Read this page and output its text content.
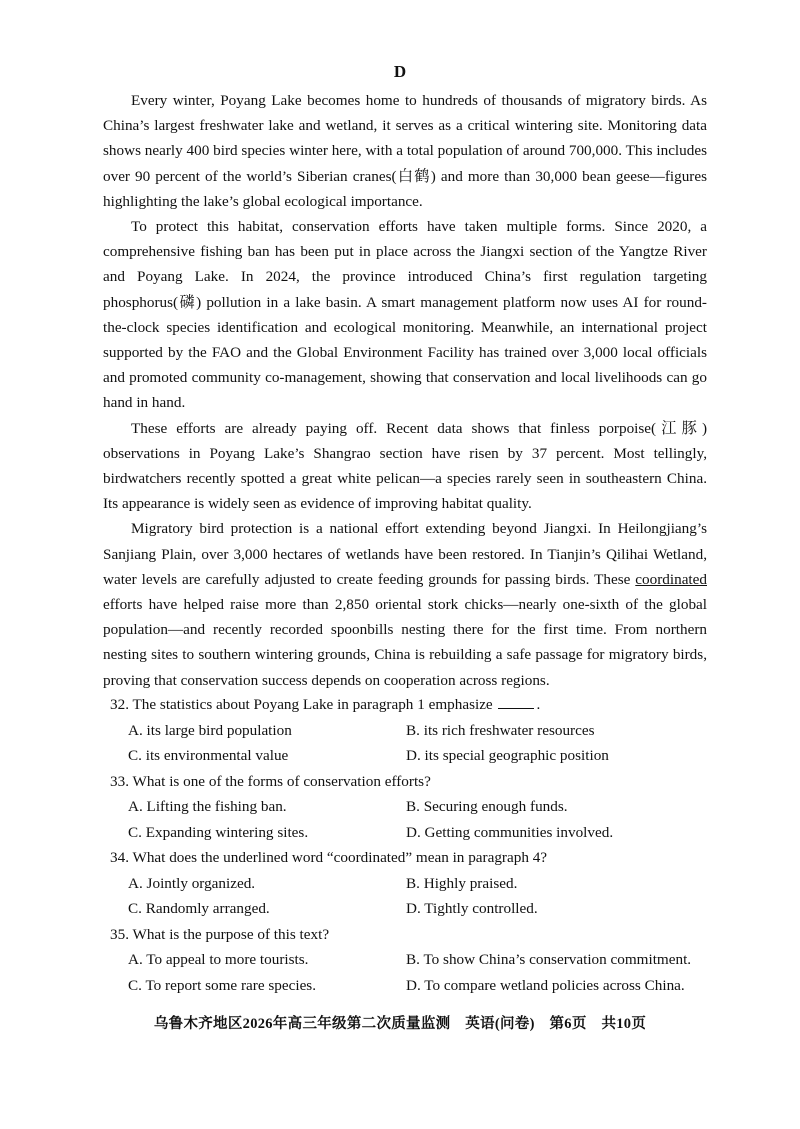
D

Every winter, Poyang Lake becomes home to hundreds of thousands of migratory birds. As China’s largest freshwater lake and wetland, it serves as a critical wintering site. Monitoring data shows nearly 400 bird species winter here, with a total population of around 700,000. This includes over 90 percent of the world’s Siberian cranes(白鹤) and more than 30,000 bean geese—figures highlighting the lake’s global ecological importance.

To protect this habitat, conservation efforts have taken multiple forms. Since 2020, a comprehensive fishing ban has been put in place across the Jiangxi section of the Yangtze River and Poyang Lake. In 2024, the province introduced China’s first regulation targeting phosphorus(磷) pollution in a lake basin. A smart management platform now uses AI for round-the-clock species identification and ecological monitoring. Meanwhile, an international project supported by the FAO and the Global Environment Facility has trained over 3,000 local officials and promoted community co-management, showing that conservation and local livelihoods can go hand in hand.

These efforts are already paying off. Recent data shows that finless porpoise(江豚) observations in Poyang Lake’s Shangrao section have risen by 37 percent. Most tellingly, birdwatchers recently spotted a great white pelican—a species rarely seen in southeastern China. Its appearance is widely seen as evidence of improving habitat quality.

Migratory bird protection is a national effort extending beyond Jiangxi. In Heilongjiang’s Sanjiang Plain, over 3,000 hectares of wetlands have been restored. In Tianjin’s Qilihai Wetland, water levels are carefully adjusted to create feeding grounds for passing birds. These coordinated efforts have helped raise more than 2,850 oriental stork chicks—nearly one-sixth of the global population—and recently recorded spoonbills nesting there for the first time. From northern nesting sites to southern wintering grounds, China is rebuilding a safe passage for migratory birds, proving that conservation success depends on cooperation across regions.

32. The statistics about Poyang Lake in paragraph 1 emphasize	.

A. its large bird population	B. its rich freshwater resources
C. its environmental value	D. its special geographic position

33. What is one of the forms of conservation efforts?

A. Lifting the fishing ban.	B. Securing enough funds.
C. Expanding wintering sites.	D. Getting communities involved.

34. What does the underlined word “coordinated” mean in paragraph 4?

A. Jointly organized.	B. Highly praised.
C. Randomly arranged.	D. Tightly controlled.

35. What is the purpose of this text?

A. To appeal to more tourists.	B. To show China’s conservation commitment.
C. To report some rare species.	D. To compare wetland policies across China.
乌鲁木齐地区2026年高三年级第二次质量监测　英语(问卷)　第6页　共10页
